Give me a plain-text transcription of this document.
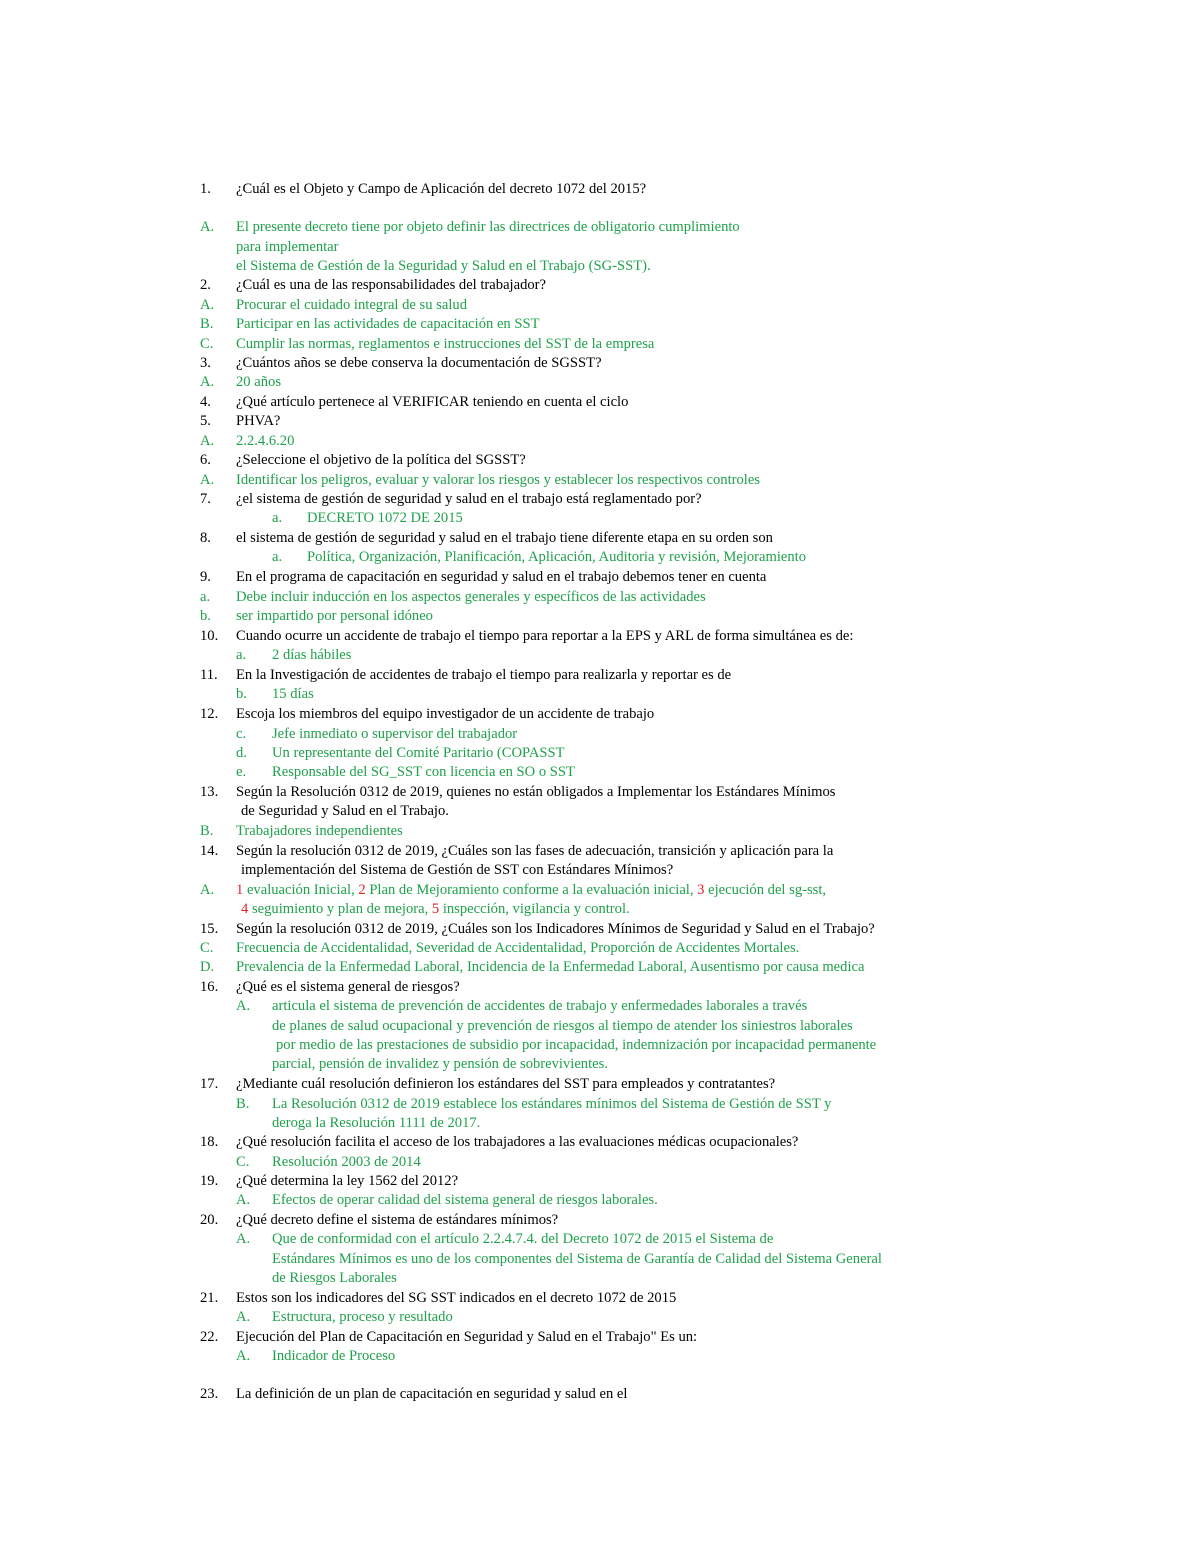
1. ¿Cuál es el Objeto y Campo de Aplicación del decreto 1072 del 2015?
A. El presente decreto tiene por objeto definir las directrices de obligatorio cumplimiento
para implementar
el Sistema de Gestión de la Seguridad y Salud en el Trabajo (SG-SST).
2. ¿Cuál es una de las responsabilidades del trabajador?
A. Procurar el cuidado integral de su salud
B. Participar en las actividades de capacitación en SST
C. Cumplir las normas, reglamentos e instrucciones del SST de la empresa
3. ¿Cuántos años se debe conserva la documentación de SGSST?
A. 20 años
4. ¿Qué artículo pertenece al VERIFICAR teniendo en cuenta el ciclo
5. PHVA?
A. 2.2.4.6.20
6. ¿Seleccione el objetivo de la política del SGSST?
A. Identificar los peligros, evaluar y valorar los riesgos y establecer los respectivos controles
7. ¿el sistema de gestión de seguridad y salud en el trabajo está reglamentado por?
a. DECRETO 1072 DE 2015
8. el sistema de gestión de seguridad y salud en el trabajo tiene diferente etapa en su orden son
a. Política, Organización, Planificación, Aplicación, Auditoria y revisión, Mejoramiento
9. En el programa de capacitación en seguridad y salud en el trabajo debemos tener en cuenta
a. Debe incluir inducción en los aspectos generales y específicos de las actividades
b. ser impartido por personal idóneo
10. Cuando ocurre un accidente de trabajo el tiempo para reportar a la EPS y ARL de forma simultánea es de:
a. 2 días hábiles
11. En la Investigación de accidentes de trabajo el tiempo para realizarla y reportar es de
b. 15 días
12. Escoja los miembros del equipo investigador de un accidente de trabajo
c. Jefe inmediato o supervisor del trabajador
d. Un representante del Comité Paritario (COPASST
e. Responsable del SG_SST con licencia en SO o SST
13. Según la Resolución 0312 de 2019, quienes no están obligados a Implementar los Estándares Mínimos
de Seguridad y Salud en el Trabajo.
B. Trabajadores independientes
14. Según la resolución 0312 de 2019, ¿Cuáles son las fases de adecuación, transición y aplicación para la
implementación del Sistema de Gestión de SST con Estándares Mínimos?
A. 1 evaluación Inicial, 2 Plan de Mejoramiento conforme a la evaluación inicial, 3 ejecución del sg-sst,
4 seguimiento y plan de mejora, 5 inspección, vigilancia y control.
15. Según la resolución 0312 de 2019, ¿Cuáles son los Indicadores Mínimos de Seguridad y Salud en el Trabajo?
C. Frecuencia de Accidentalidad, Severidad de Accidentalidad, Proporción de Accidentes Mortales.
D. Prevalencia de la Enfermedad Laboral, Incidencia de la Enfermedad Laboral, Ausentismo por causa medica
16. ¿Qué es el sistema general de riesgos?
A. articula el sistema de prevención de accidentes de trabajo y enfermedades laborales a través
de planes de salud ocupacional y prevención de riesgos al tiempo de atender los siniestros laborales
por medio de las prestaciones de subsidio por incapacidad, indemnización por incapacidad permanente
parcial, pensión de invalidez y pensión de sobrevivientes.
17. ¿Mediante cuál resolución definieron los estándares del SST para empleados y contratantes?
B. La Resolución 0312 de 2019 establece los estándares mínimos del Sistema de Gestión de SST y
deroga la Resolución 1111 de 2017.
18. ¿Qué resolución facilita el acceso de los trabajadores a las evaluaciones médicas ocupacionales?
C. Resolución 2003 de 2014
19. ¿Qué determina la ley 1562 del 2012?
A. Efectos de operar calidad del sistema general de riesgos laborales.
20. ¿Qué decreto define el sistema de estándares mínimos?
A. Que de conformidad con el artículo 2.2.4.7.4. del Decreto 1072 de 2015 el Sistema de
Estándares Mínimos es uno de los componentes del Sistema de Garantía de Calidad del Sistema General
de Riesgos Laborales
21. Estos son los indicadores del SG SST indicados en el decreto 1072 de 2015
A. Estructura, proceso y resultado
22. Ejecución del Plan de Capacitación en Seguridad y Salud en el Trabajo" Es un:
A. Indicador de Proceso
23. La definición de un plan de capacitación en seguridad y salud en el
